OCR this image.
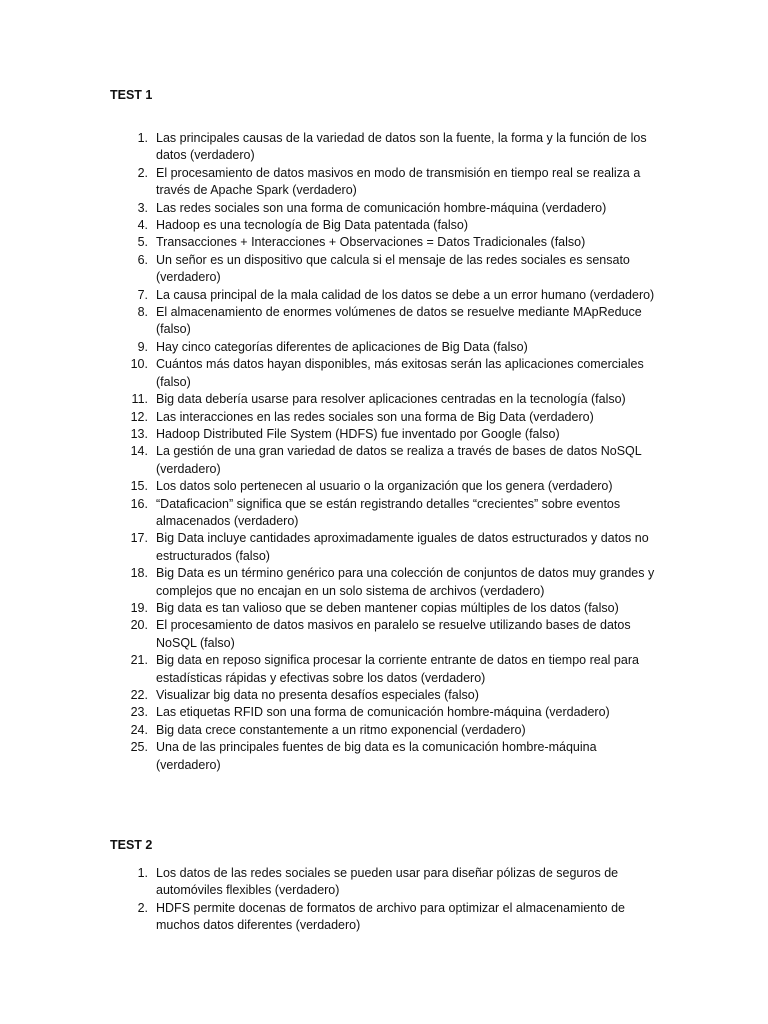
TEST 1
1. Las principales causas de la variedad de datos son la fuente, la forma y la función de los datos (verdadero)
2. El procesamiento de datos masivos en modo de transmisión en tiempo real se realiza a través de Apache Spark (verdadero)
3. Las redes sociales son una forma de comunicación hombre-máquina (verdadero)
4. Hadoop es una tecnología de Big Data patentada (falso)
5. Transacciones + Interacciones + Observaciones = Datos Tradicionales (falso)
6. Un señor es un dispositivo que calcula si el mensaje de las redes sociales es sensato (verdadero)
7. La causa principal de la mala calidad de los datos se debe a un error humano (verdadero)
8. El almacenamiento de enormes volúmenes de datos se resuelve mediante MApReduce (falso)
9. Hay cinco categorías diferentes de aplicaciones de Big Data (falso)
10. Cuántos más datos hayan disponibles, más exitosas serán las aplicaciones comerciales (falso)
11. Big data debería usarse para resolver aplicaciones centradas en la tecnología (falso)
12. Las interacciones en las redes sociales son una forma de Big Data (verdadero)
13. Hadoop Distributed File System (HDFS) fue inventado por Google (falso)
14. La gestión de una gran variedad de datos se realiza a través de bases de datos NoSQL (verdadero)
15. Los datos solo pertenecen al usuario o la organización que los genera (verdadero)
16. “Dataficacion” significa que se están registrando detalles “crecientes” sobre eventos almacenados (verdadero)
17. Big Data incluye cantidades aproximadamente iguales de datos estructurados y datos no estructurados (falso)
18. Big Data es un término genérico para una colección de conjuntos de datos muy grandes y complejos que no encajan en un solo sistema de archivos (verdadero)
19. Big data es tan valioso que se deben mantener copias múltiples de los datos (falso)
20. El procesamiento de datos masivos en paralelo se resuelve utilizando bases de datos NoSQL (falso)
21. Big data en reposo significa procesar la corriente entrante de datos en tiempo real para estadísticas rápidas y efectivas sobre los datos (verdadero)
22. Visualizar big data no presenta desafíos especiales (falso)
23. Las etiquetas RFID son una forma de comunicación hombre-máquina (verdadero)
24. Big data crece constantemente a un ritmo exponencial (verdadero)
25. Una de las principales fuentes de big data es la comunicación hombre-máquina (verdadero)
TEST 2
1. Los datos de las redes sociales se pueden usar para diseñar pólizas de seguros de automóviles flexibles (verdadero)
2. HDFS permite docenas de formatos de archivo para optimizar el almacenamiento de muchos datos diferentes (verdadero)
